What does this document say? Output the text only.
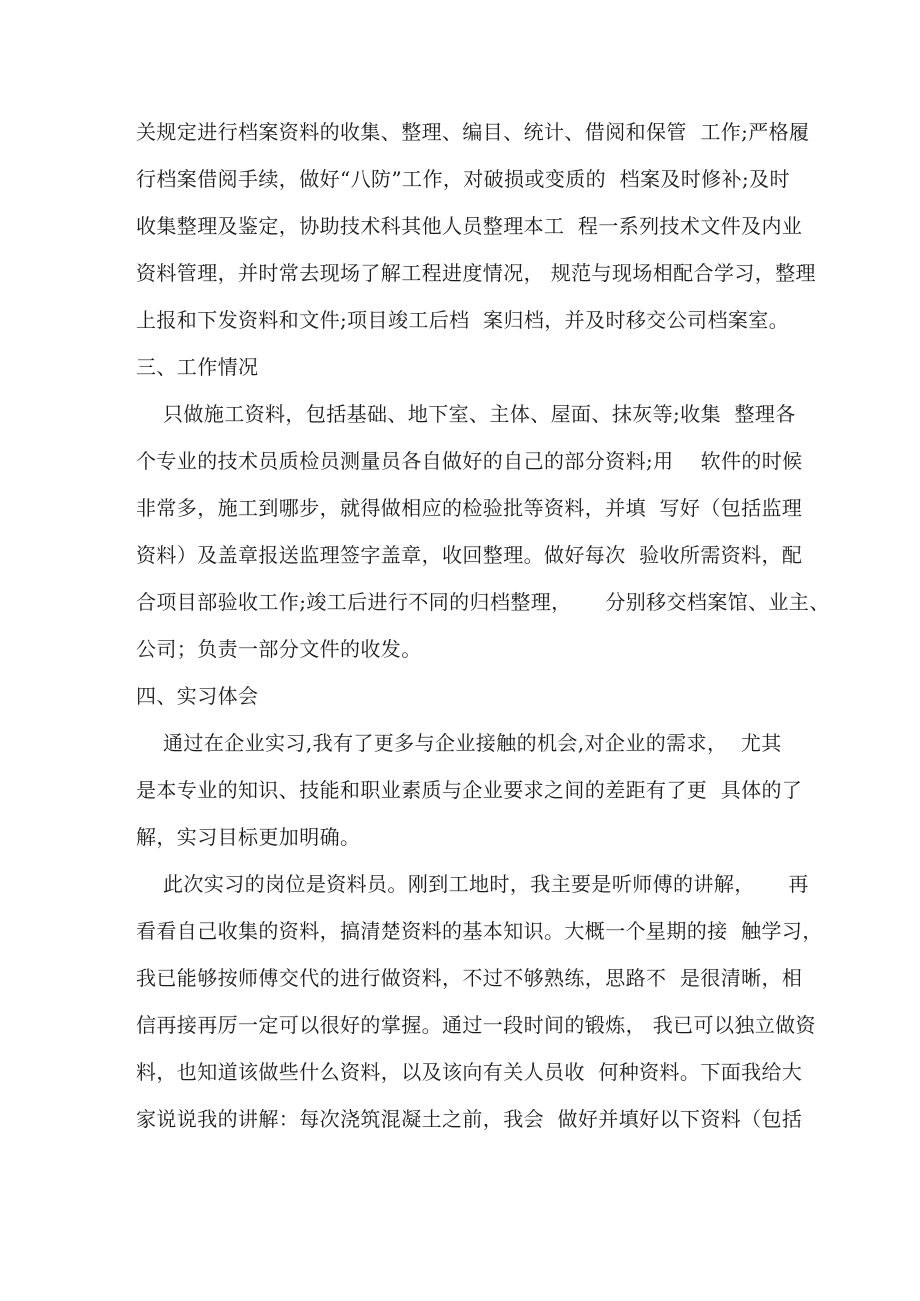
关规定进行档案资料的收集、整理、编目、统计、借阅和保管  工作;严格履
行档案借阅手续，做好“八防”工作，对破损或变质的  档案及时修补;及时
收集整理及鉴定，协助技术科其他人员整理本工  程一系列技术文件及内业
资料管理，并时常去现场了解工程进度情况， 规范与现场相配合学习，整理
上报和下发资料和文件;项目竣工后档  案归档，并及时移交公司档案室。
三、工作情况
只做施工资料，包括基础、地下室、主体、屋面、抹灰等;收集  整理各
个专业的技术员质检员测量员各自做好的自己的部分资料;用    软件的时候
非常多，施工到哪步，就得做相应的检验批等资料，并填  写好（包括监理
资料）及盖章报送监理签字盖章，收回整理。做好每次  验收所需资料，配
合项目部验收工作;竣工后进行不同的归档整理，     分别移交档案馆、业主、
公司；负责一部分文件的收发。
四、实习体会
通过在企业实习,我有了更多与企业接触的机会,对企业的需求，  尤其
是本专业的知识、技能和职业素质与企业要求之间的差距有了更  具体的了
解，实习目标更加明确。
此次实习的岗位是资料员。刚到工地时，我主要是听师傅的讲解，     再
看看自己收集的资料，搞清楚资料的基本知识。大概一个星期的接  触学习，
我已能够按师傅交代的进行做资料，不过不够熟练，思路不  是很清晰，相
信再接再厉一定可以很好的掌握。通过一段时间的锻炼， 我已可以独立做资
料，也知道该做些什么资料，以及该向有关人员收  何种资料。下面我给大
家说说我的讲解：每次浇筑混凝土之前，我会  做好并填好以下资料（包括
